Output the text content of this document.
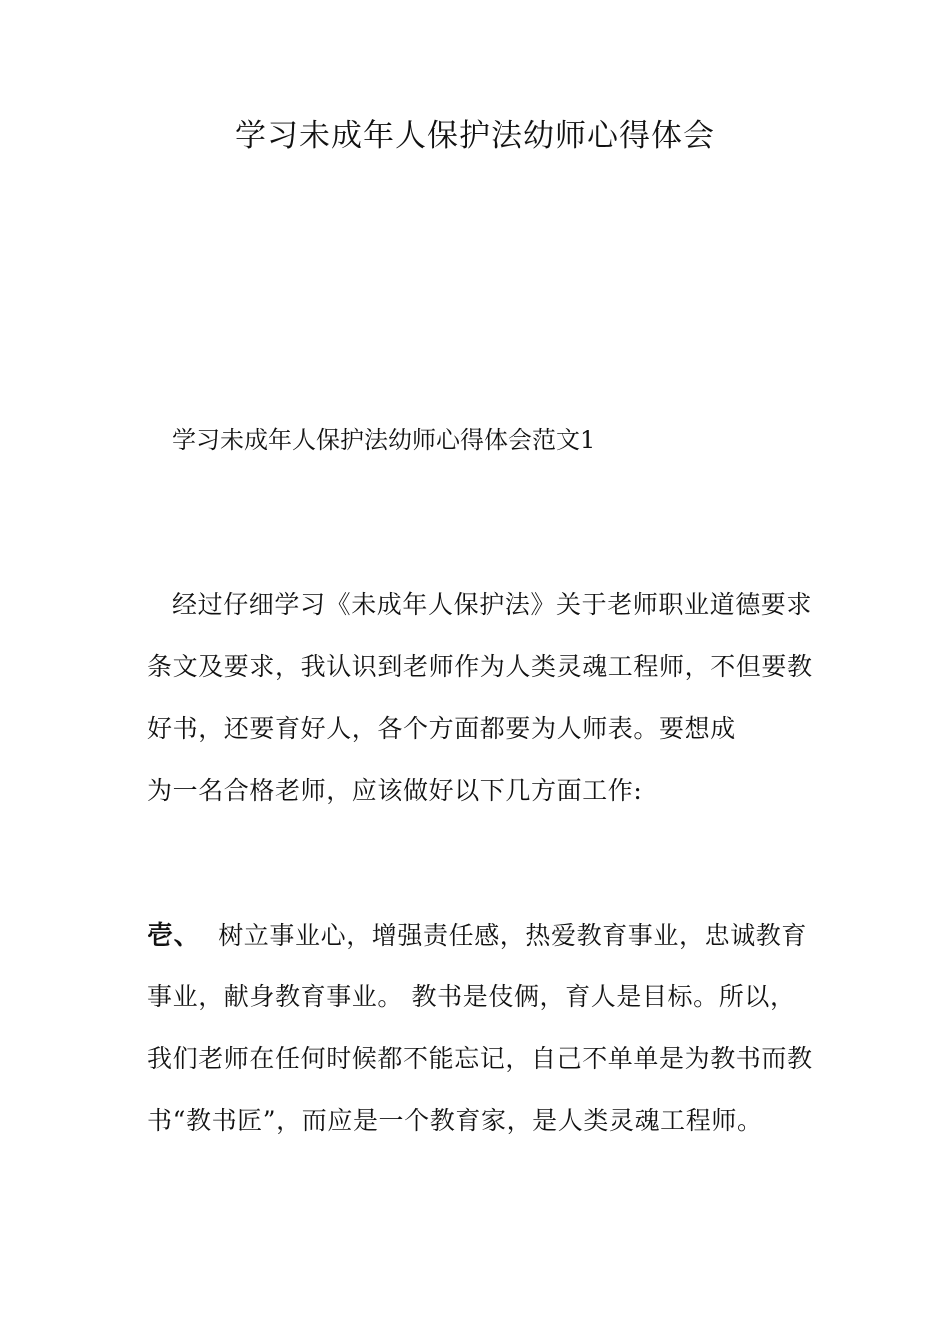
学习未成年人保护法幼师心得体会
学习未成年人保护法幼师心得体会范文1
经过仔细学习《未成年人保护法》关于老师职业道德要求
条文及要求，我认识到老师作为人类灵魂工程师，不但要教
好书，还要育好人，各个方面都要为人师表。要想成
为一名合格老师，应该做好以下几方面工作:
壱、 树立事业心，增强责任感，热爱教育事业，忠诚教育
事业，献身教育事业。 教书是伎俩，育人是目标。所以，
我们老师在任何时候都不能忘记，自己不单单是为教书而教
书“教书匠”，而应是一个教育家，是人类灵魂工程师。
